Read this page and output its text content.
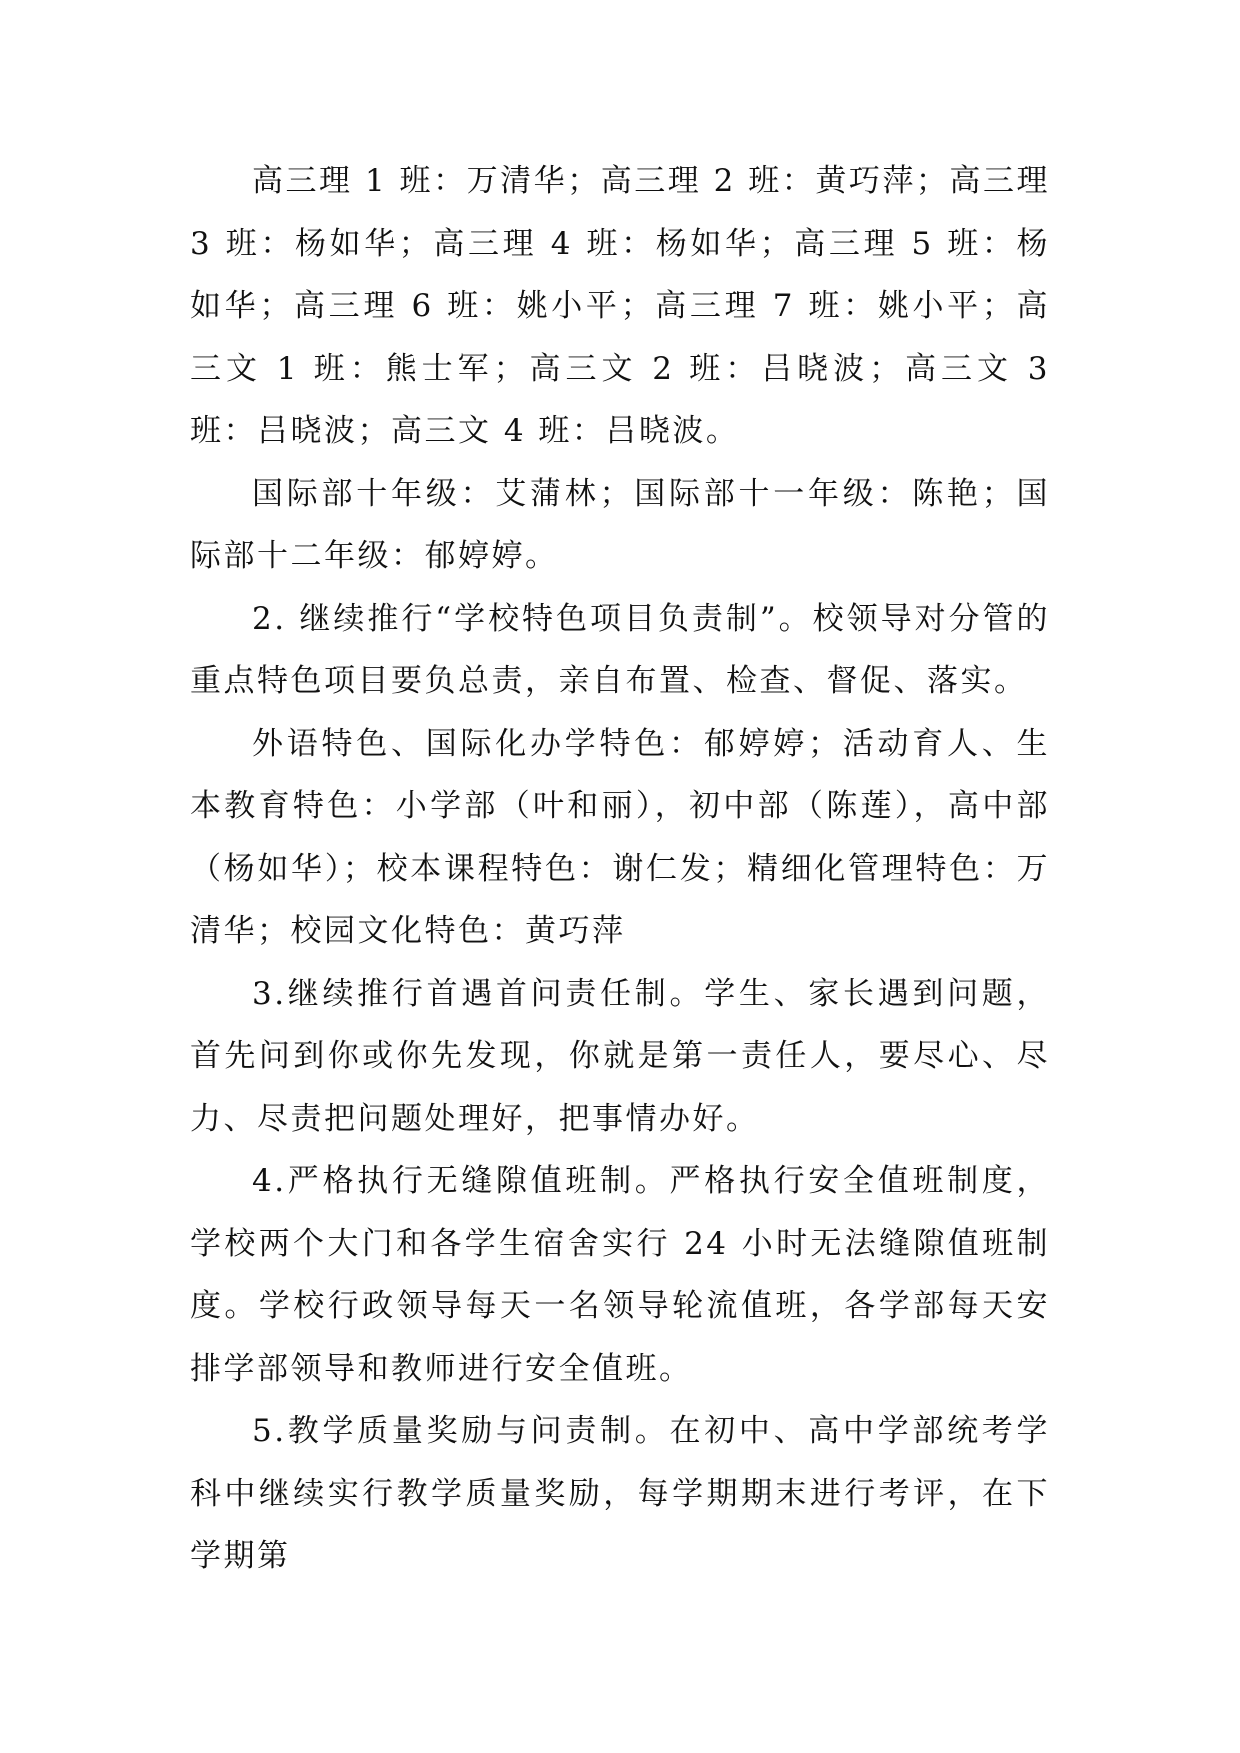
高三理 1 班：万清华；高三理 2 班：黄巧萍；高三理 3 班：杨如华；高三理 4 班：杨如华；高三理 5 班：杨如华；高三理 6 班：姚小平；高三理 7 班：姚小平；高三文 1 班：熊士军；高三文 2 班：吕晓波；高三文 3 班：吕晓波；高三文 4 班：吕晓波。

国际部十年级：艾蒲林；国际部十一年级：陈艳；国际部十二年级：郁婷婷。

2. 继续推行“学校特色项目负责制”。校领导对分管的重点特色项目要负总责，亲自布置、检查、督促、落实。

外语特色、国际化办学特色：郁婷婷；活动育人、生本教育特色：小学部（叶和丽），初中部（陈莲），高中部（杨如华）；校本课程特色：谢仁发；精细化管理特色：万清华；校园文化特色：黄巧萍

3.继续推行首遇首问责任制。学生、家长遇到问题，首先问到你或你先发现，你就是第一责任人，要尽心、尽力、尽责把问题处理好，把事情办好。

4.严格执行无缝隙值班制。严格执行安全值班制度，学校两个大门和各学生宿舍实行 24 小时无法缝隙值班制度。学校行政领导每天一名领导轮流值班，各学部每天安排学部领导和教师进行安全值班。

5.教学质量奖励与问责制。在初中、高中学部统考学科中继续实行教学质量奖励，每学期期末进行考评，在下学期第
